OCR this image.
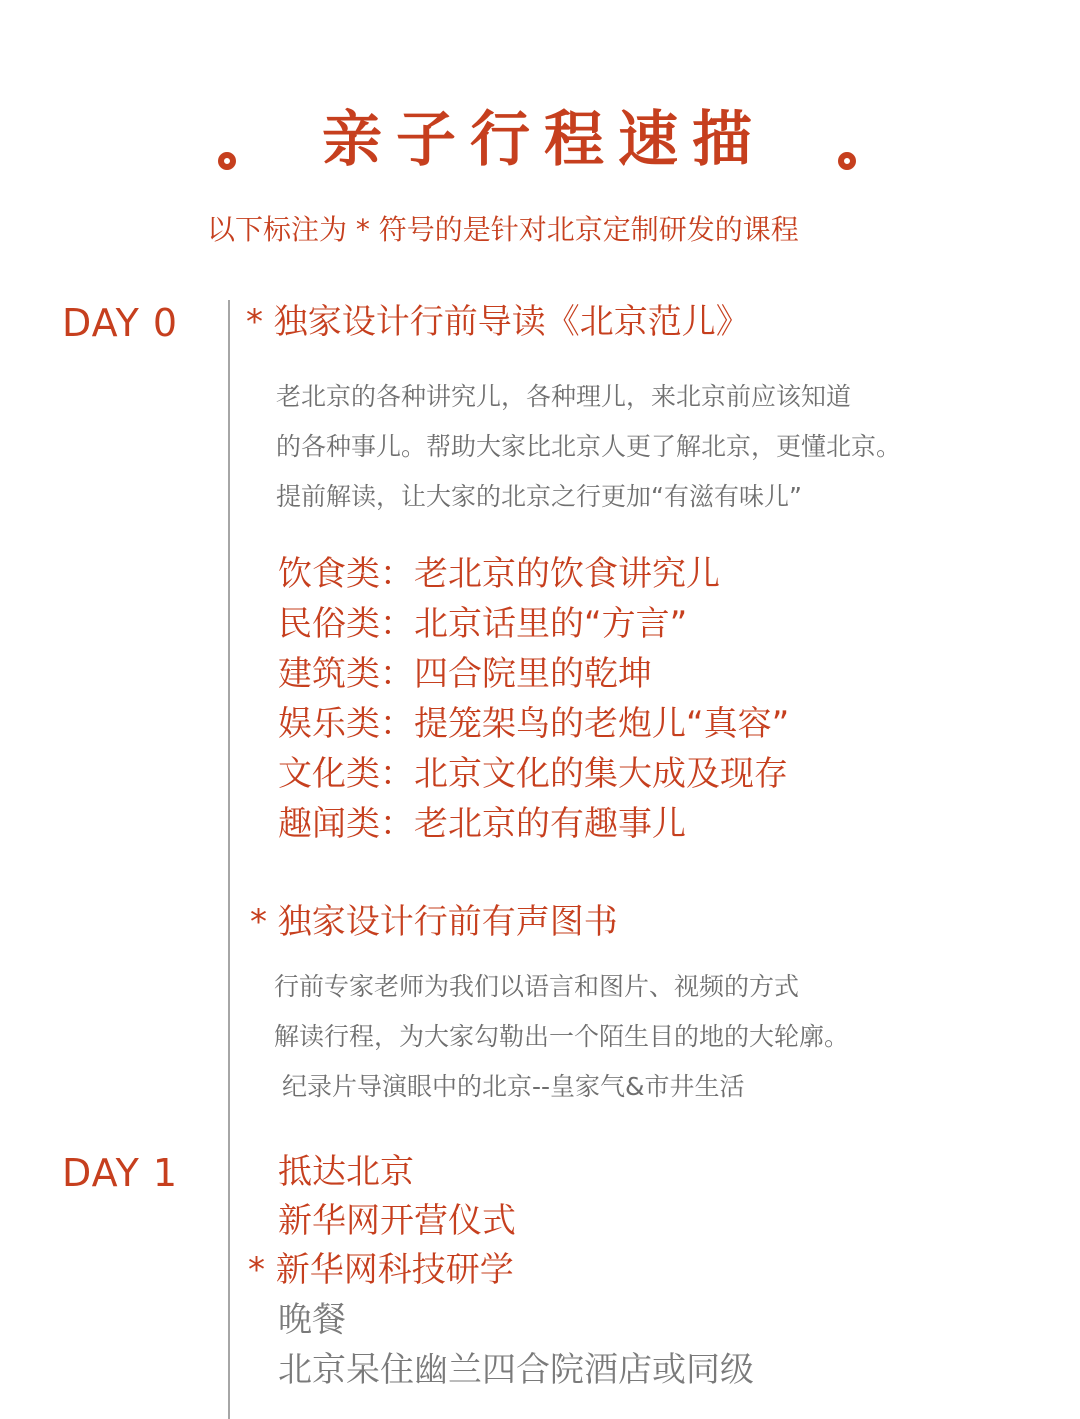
亲子行程速描
以下标注为 * 符号的是针对北京定制研发的课程
DAY 0 * 独家设计行前导读《北京范儿》
老北京的各种讲究儿，各种理儿，来北京前应该知道
的各种事儿。帮助大家比北京人更了解北京，更懂北京。
提前解读，让大家的北京之行更加“有滋有味儿”
饮食类：老北京的饮食讲究儿
民俗类：北京话里的“方言”
建筑类：四合院里的乾坤
娱乐类：提笼架鸟的老炮儿“真容”
文化类：北京文化的集大成及现存
趣闻类：老北京的有趣事儿
* 独家设计行前有声图书
行前专家老师为我们以语言和图片、视频的方式
解读行程，为大家勾勒出一个陌生目的地的大轮廓。
纪录片导演眼中的北京--皇家气&市井生活
DAY 1	抵达北京
新华网开营仪式
* 新华网科技研学
晚餐
北京呆住幽兰四合院酒店或同级
